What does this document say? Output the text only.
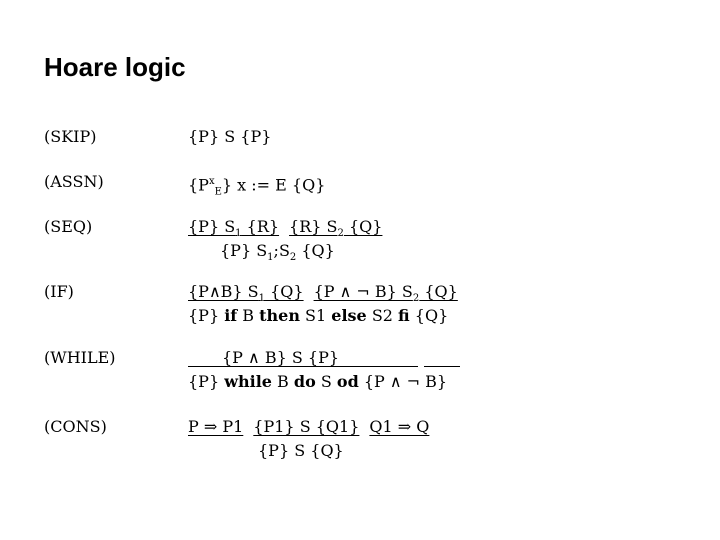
Hoare logic
(SKIP)	{P} S {P}
(ASSN)	$\{P^x_E\}$ x := E {Q}
(SEQ)	{P} $S_1$ {R} {R} $S_2$ {Q}
{P} $S_1;S_2$ {Q}
(IF)	{P∧B} $S_1$ {Q} {P ∧ ¬ B} $S_2$ {Q}
{P} if B then S1 else S2 fi {Q}
(WHILE)	{P ∧ B} S {P}
{P} while B do S od {P ∧ ¬ B}
(CONS)	P ⇒ P1 {P1} S {Q1} Q1 ⇒ Q
{P} S {Q}
